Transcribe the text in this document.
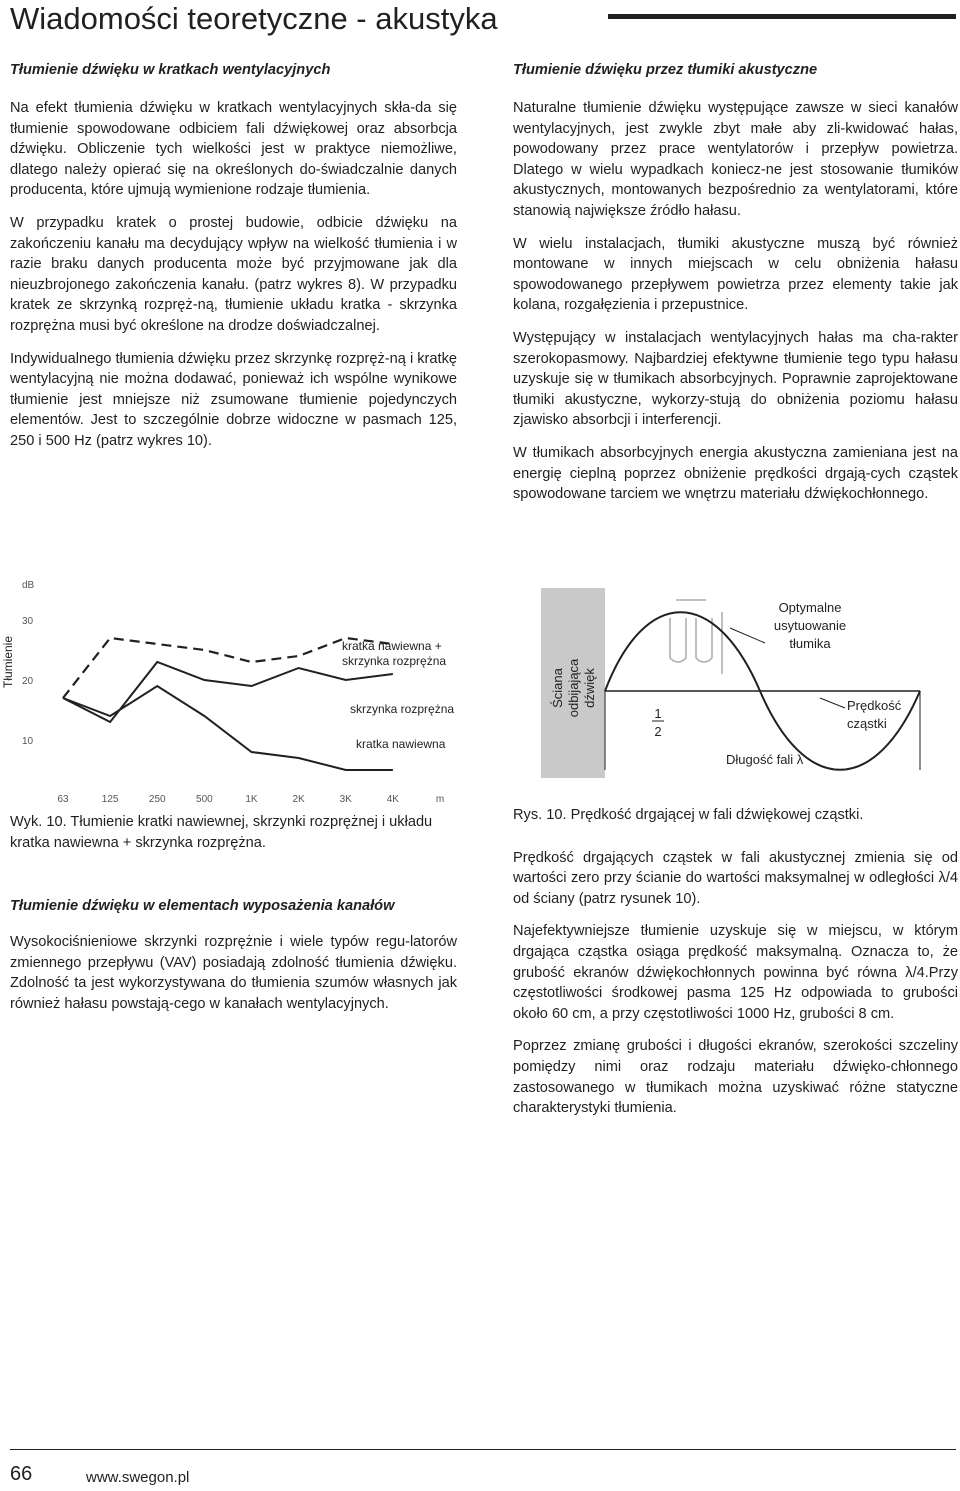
Wiadomości teoretyczne - akustyka
Tłumienie dźwięku w kratkach wentylacyjnych

Na efekt tłumienia dźwięku w kratkach wentylacyjnych skła-da się tłumienie spowodowane odbiciem fali dźwiękowej oraz absorbcja dźwięku. Obliczenie tych wielkości jest w praktyce niemożliwe, dlatego należy opierać się na określonych do-świadczalnie danych producenta, które ujmują wymienione rodzaje tłumienia.

W przypadku kratek o prostej budowie, odbicie dźwięku na zakończeniu kanału ma decydujący wpływ na wielkość tłumienia i w razie braku danych producenta może być przyjmowane jak dla nieuzbrojonego zakończenia kanału. (patrz wykres 8). W przypadku kratek ze skrzynką rozpręż-ną, tłumienie układu kratka - skrzynka rozprężna musi być określone na drodze doświadczalnej.

Indywidualnego tłumienia dźwięku przez skrzynkę rozpręż-ną i kratkę wentylacyjną nie można dodawać, ponieważ ich wspólne wynikowe tłumienie jest mniejsze niż zsumowane tłumienie pojedynczych elementów. Jest to szczególnie dobrze widoczne w pasmach 125, 250 i 500 Hz (patrz wykres 10).

Tłumienie dźwięku przez tłumiki akustyczne

Naturalne tłumienie dźwięku występujące zawsze w sieci kanałów wentylacyjnych, jest zwykle zbyt małe aby zli-kwidować hałas, powodowany przez prace wentylatorów i przepływ powietrza. Dlatego w wielu wypadkach koniecz-ne jest stosowanie tłumików akustycznych, montowanych bezpośrednio za wentylatorami, które stanowią największe źródło hałasu.

W wielu instalacjach, tłumiki akustyczne muszą być również montowane w innych miejscach w celu obniżenia hałasu spowodowanego przepływem powietrza przez elementy takie jak kolana, rozgałęzienia i przepustnice.

Występujący w instalacjach wentylacyjnych hałas ma cha-rakter szerokopasmowy. Najbardziej efektywne tłumienie tego typu hałasu uzyskuje się w tłumikach absorbcyjnych. Poprawnie zaprojektowane tłumiki akustyczne, wykorzy-stują do obniżenia poziomu hałasu zjawisko absorbcji i interferencji.

W tłumikach absorbcyjnych energia akustyczna zamieniana jest na energię cieplną poprzez obniżenie prędkości drgają-cych cząstek spowodowane tarciem we wnętrzu materiału dźwiękochłonnego.

Tłumienie
dB
10
20
30
63	125	250	500	1K	2K	3K	4K	m
kratka nawiewna +
skrzynka rozprężna
skrzynka rozprężna
kratka nawiewna
Ściana odbijająca dźwięk
Optymalne
usytuowanie
tłumika
Prędkość
cząstki
1
2
Długość fali λ

Wyk. 10. Tłumienie kratki nawiewnej, skrzynki rozprężnej i układu kratka nawiewna + skrzynka rozprężna.

Tłumienie dźwięku w elementach wyposażenia kanałów

Wysokociśnieniowe skrzynki rozprężnie i wiele typów regu-latorów zmiennego przepływu (VAV) posiadają zdolność tłumienia dźwięku. Zdolność ta jest wykorzystywana do tłumienia szumów własnych jak również hałasu powstają-cego w kanałach wentylacyjnych.

Rys. 10. Prędkość drgającej w fali dźwiękowej cząstki.

Prędkość drgających cząstek w fali akustycznej zmienia się od wartości zero przy ścianie do wartości maksymalnej w odległości λ/4 od ściany (patrz rysunek 10).

Najefektywniejsze tłumienie uzyskuje się w miejscu, w którym drgająca cząstka osiąga prędkość maksymalną. Oznacza to, że grubość ekranów dźwiękochłonnych powinna być równa λ/4.Przy częstotliwości środkowej pasma 125 Hz odpowiada to grubości około 60 cm, a przy częstotliwości 1000 Hz, grubości 8 cm.

Poprzez zmianę grubości i długości ekranów, szerokości szczeliny pomiędzy nimi oraz rodzaju materiału dźwięko-chłonnego zastosowanego w tłumikach można uzyskiwać różne statyczne charakterystyki tłumienia.

66	www.swegon.pl
